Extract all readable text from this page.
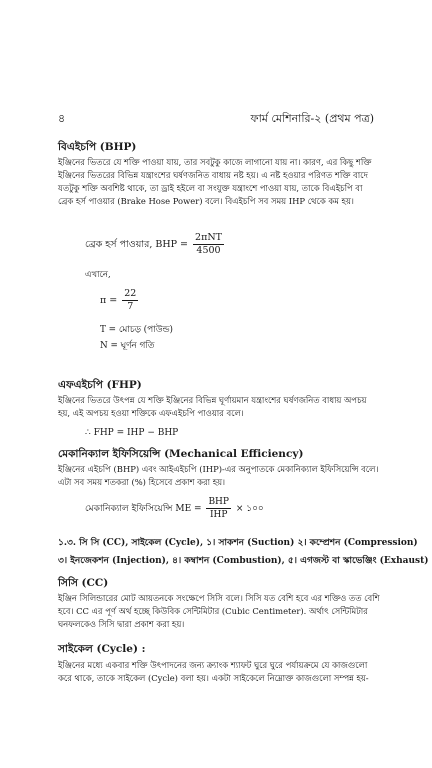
৪	ফার্ম মেশিনারি-২ (প্রথম পত্র)
বিএইচপি (BHP)
ইঞ্জিনের ভিতরে যে শক্তি পাওয়া যায়, তার সবটুকু কাজে লাগানো যায় না। কারণ, এর কিছু শক্তি ইঞ্জিনের ভিতরের বিভিন্ন যন্ত্রাংশের ঘর্ষণজনিত বাধায় নষ্ট হয়। এ নষ্ট হওয়ার পরিণত শক্তি বাদে যতটুকু শক্তি অবশিষ্ট থাকে, তা ড্রাই হইলে বা সংযুক্ত যন্ত্রাংশে পাওয়া যায়, তাকে বিএইচপি বা ব্রেক হর্স পাওয়ার (Brake Hose Power) বলে। বিএইচপি সব সময় IHP থেকে কম হয়।
ব্রেক হর্স পাওয়ার, BHP = $\frac{\text{2πNT}}{4500}$
এখানে,
$\pi = \frac{22}{7}$
T = মোচড় (পাউন্ড)
N = ঘূর্ণন গতি
এফএইচপি (FHP)
ইঞ্জিনের ভিতরে উৎপন্ন যে শক্তি ইঞ্জিনের বিভিন্ন ঘূর্ণায়মান যন্ত্রাংশের ঘর্ষণজনিত বাধায় অপচয় হয়, এই অপচয় হওয়া শক্তিকে এফএইচপি পাওয়ার বলে।
∴ FHP = IHP − BHP
মেকানিক্যাল ইফিসিয়েন্সি (Mechanical Efficiency)
ইঞ্জিনের এইচপি (BHP) এবং আইএইচপি (IHP)-এর অনুপাতকে মেকানিক্যাল ইফিসিয়েন্সি বলে। এটা সব সময় শতকরা (%) হিসেবে প্রকাশ করা হয়।
মেকানিক্যাল ইফিসিয়েন্সি ME = $\frac{\text{BHP}}{\text{IHP}}$ × ১০০
১.৩. সি সি (CC), সাইকেল (Cycle), ১। সাকশন (Suction) ২। কম্প্রেশন (Compression)
৩। ইনজেকশন (Injection), ৪। কম্বাশন (Combustion), ৫। এগজস্ট বা স্কাভেঞ্জিং (Exhaust)
সিসি (CC)
ইঞ্জিন সিলিন্ডারের মোট আয়তনকে সংক্ষেপে সিসি বলে। সিসি যত বেশি হবে এর শক্তিও তত বেশি হবে। CC এর পূর্ণ অর্থ হচ্ছে কিউবিক সেন্টিমিটার (Cubic Centimeter). অর্থাৎ সেন্টিমিটার ঘনফলকেও সিসি দ্বারা প্রকাশ করা হয়।
সাইকেল (Cycle) :
ইঞ্জিনের মধ্যে একবার শক্তি উৎপাদনের জন্য ক্র্যাংক শ্যাফট ঘুরে ঘুরে পর্যায়ক্রমে যে কাজগুলো করে থাকে, তাকে সাইকেল (Cycle) বলা হয়। একটা সাইকেলে নিম্নোক্ত কাজগুলো সম্পন্ন হয়-
